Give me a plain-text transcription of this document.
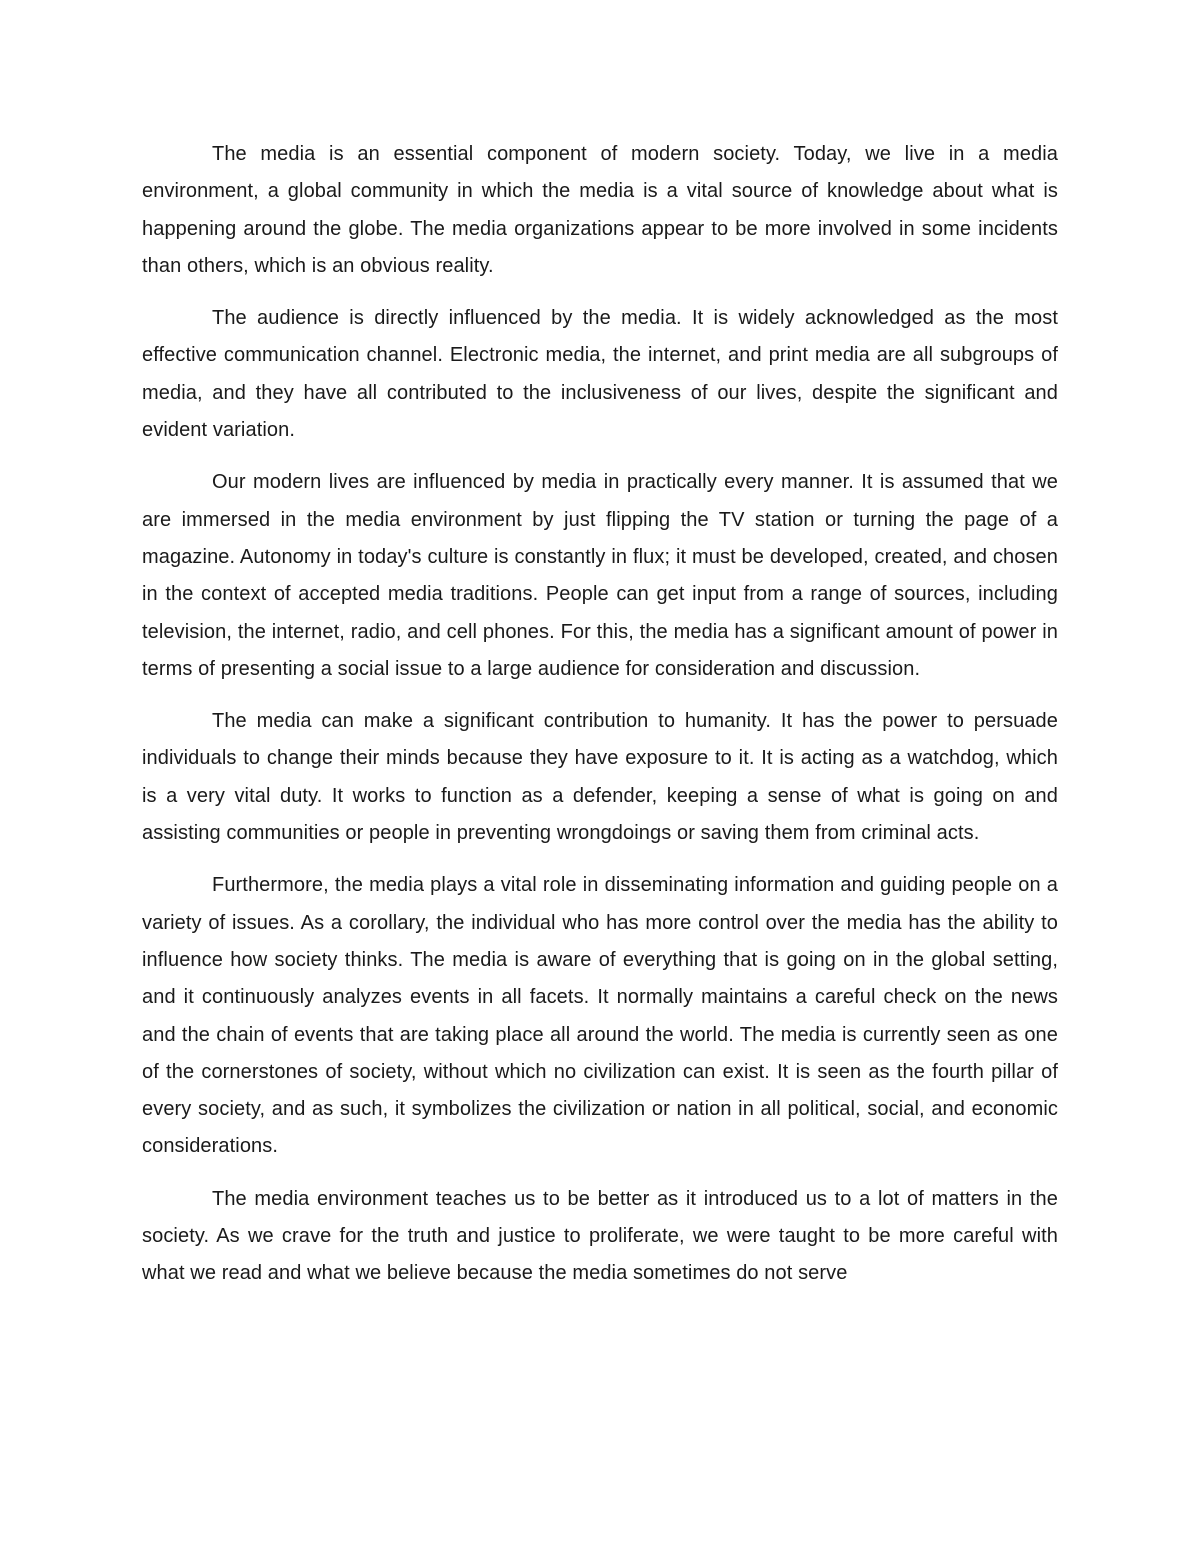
The media is an essential component of modern society. Today, we live in a media environment, a global community in which the media is a vital source of knowledge about what is happening around the globe. The media organizations appear to be more involved in some incidents than others, which is an obvious reality.

The audience is directly influenced by the media. It is widely acknowledged as the most effective communication channel. Electronic media, the internet, and print media are all subgroups of media, and they have all contributed to the inclusiveness of our lives, despite the significant and evident variation.

Our modern lives are influenced by media in practically every manner. It is assumed that we are immersed in the media environment by just flipping the TV station or turning the page of a magazine. Autonomy in today's culture is constantly in flux; it must be developed, created, and chosen in the context of accepted media traditions. People can get input from a range of sources, including television, the internet, radio, and cell phones. For this, the media has a significant amount of power in terms of presenting a social issue to a large audience for consideration and discussion.

The media can make a significant contribution to humanity. It has the power to persuade individuals to change their minds because they have exposure to it. It is acting as a watchdog, which is a very vital duty. It works to function as a defender, keeping a sense of what is going on and assisting communities or people in preventing wrongdoings or saving them from criminal acts.

Furthermore, the media plays a vital role in disseminating information and guiding people on a variety of issues. As a corollary, the individual who has more control over the media has the ability to influence how society thinks. The media is aware of everything that is going on in the global setting, and it continuously analyzes events in all facets. It normally maintains a careful check on the news and the chain of events that are taking place all around the world. The media is currently seen as one of the cornerstones of society, without which no civilization can exist. It is seen as the fourth pillar of every society, and as such, it symbolizes the civilization or nation in all political, social, and economic considerations.

The media environment teaches us to be better as it introduced us to a lot of matters in the society. As we crave for the truth and justice to proliferate, we were taught to be more careful with what we read and what we believe because the media sometimes do not serve
